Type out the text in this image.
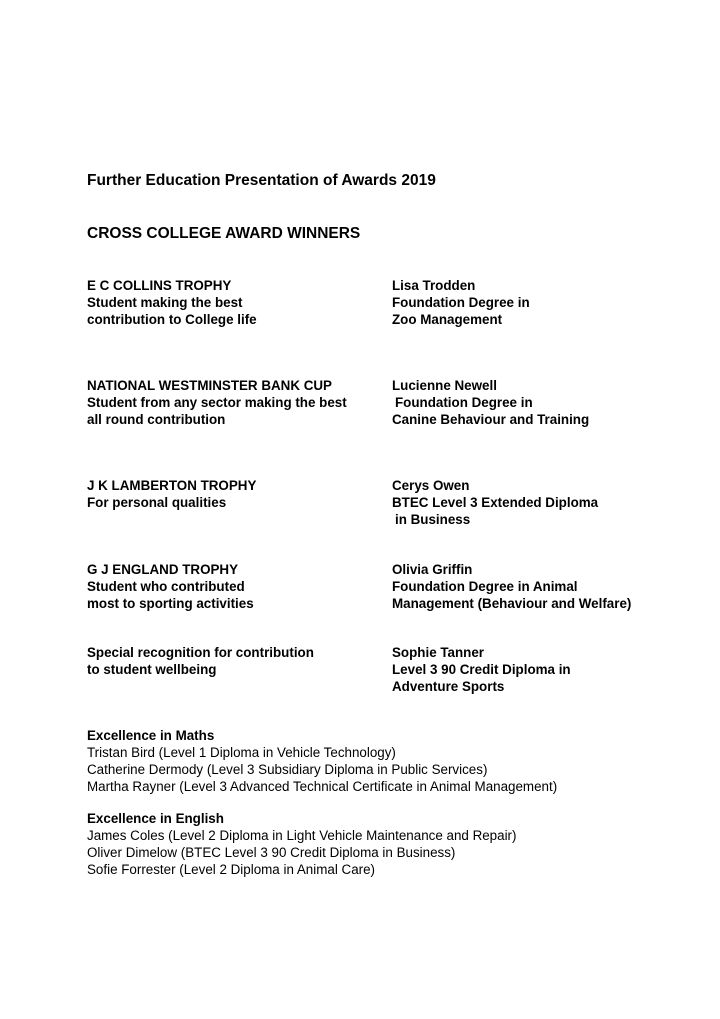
Further Education Presentation of Awards 2019
CROSS COLLEGE AWARD WINNERS
E C COLLINS TROPHY
Student making the best
contribution to College life
Lisa Trodden
Foundation Degree in
Zoo Management
NATIONAL WESTMINSTER BANK CUP
Student from any sector making the best
all round contribution
Lucienne Newell
Foundation Degree in
Canine Behaviour and Training
J K LAMBERTON TROPHY
For personal qualities
Cerys Owen
BTEC Level 3 Extended Diploma
in Business
G J ENGLAND TROPHY
Student who contributed
most to sporting activities
Olivia Griffin
Foundation Degree in Animal
Management (Behaviour and Welfare)
Special recognition for contribution
to student wellbeing
Sophie Tanner
Level 3 90 Credit Diploma in
Adventure Sports
Excellence in Maths
Tristan Bird (Level 1 Diploma in Vehicle Technology)
Catherine Dermody (Level 3 Subsidiary Diploma in Public Services)
Martha Rayner (Level 3 Advanced Technical Certificate in Animal Management)
Excellence in English
James Coles (Level 2 Diploma in Light Vehicle Maintenance and Repair)
Oliver Dimelow (BTEC Level 3 90 Credit Diploma in Business)
Sofie Forrester (Level 2 Diploma in Animal Care)
